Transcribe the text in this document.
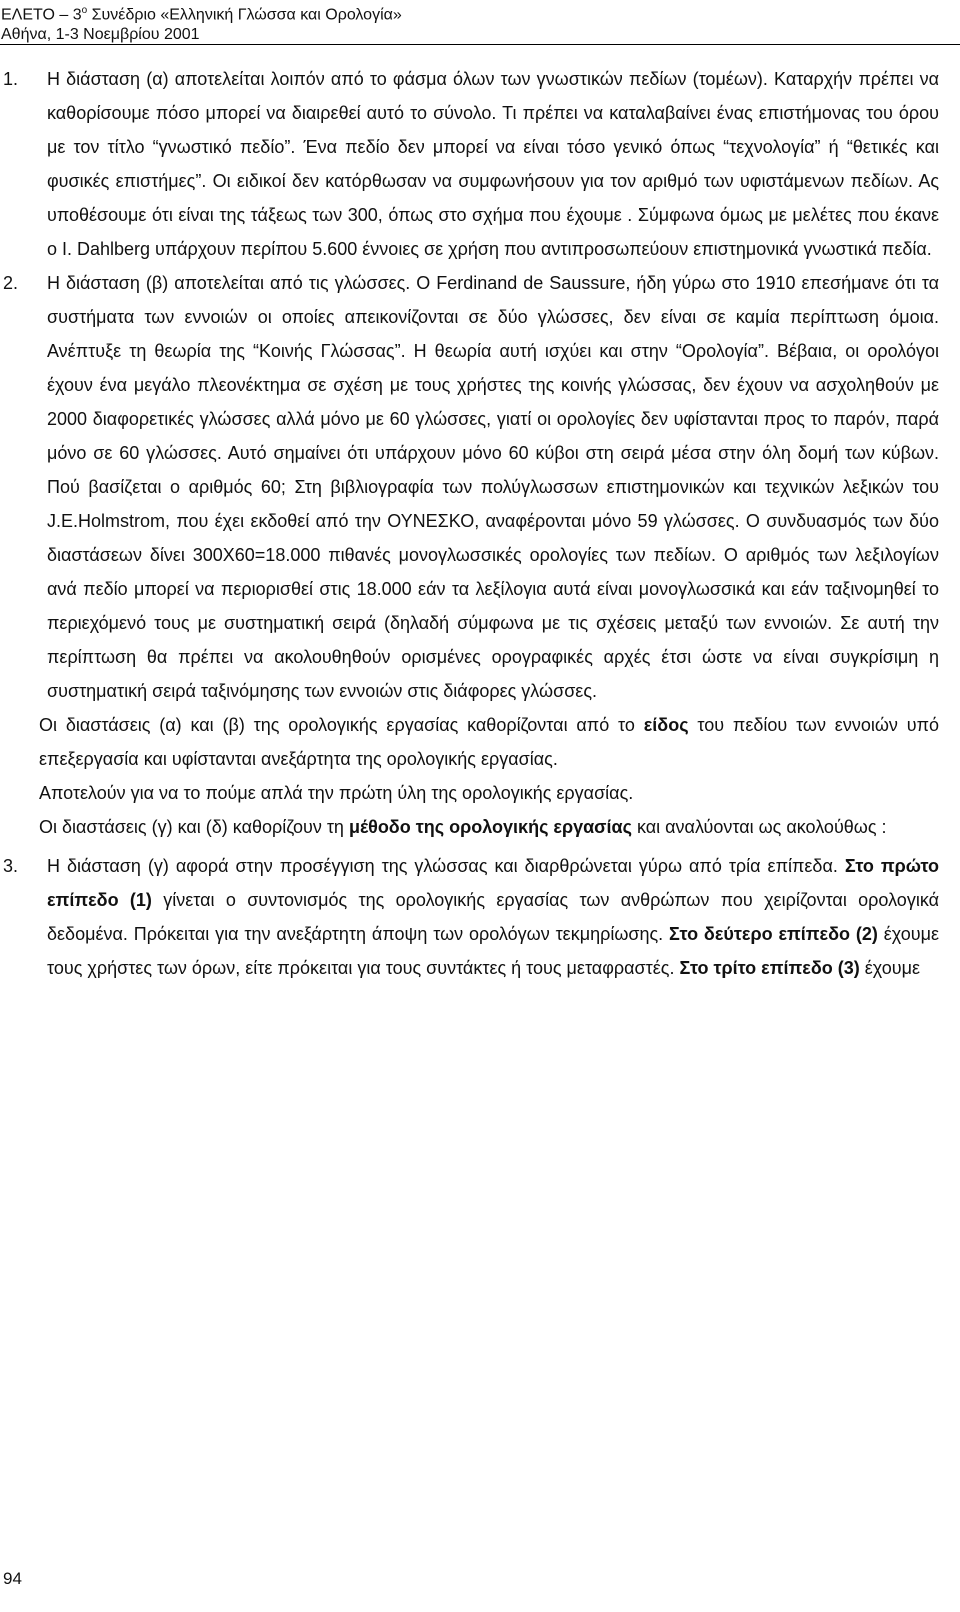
ΕΛΕΤΟ – $3^o$ Συνέδριο «Ελληνική Γλώσσα και Ορολογία»
Αθήνα, 1-3 Νοεμβρίου 2001
1. Η διάσταση (α) αποτελείται λοιπόν από το φάσμα όλων των γνωστικών πεδίων (τομέων). Καταρχήν πρέπει να καθορίσουμε πόσο μπορεί να διαιρεθεί αυτό το σύνολο. Τι πρέπει να καταλαβαίνει ένας επιστήμονας του όρου με τον τίτλο “γνωστικό πεδίο”. Ένα πεδίο δεν μπορεί να είναι τόσο γενικό όπως “τεχνολογία” ή “θετικές και φυσικές επιστήμες”. Οι ειδικοί δεν κατόρθωσαν να συμφωνήσουν για τον αριθμό των υφιστάμενων πεδίων. Ας υποθέσουμε ότι είναι της τάξεως των 300, όπως στο σχήμα που έχουμε . Σύμφωνα όμως με μελέτες που έκανε ο I. Dahlberg υπάρχουν περίπου 5.600 έννοιες σε χρήση που αντιπροσωπεύουν επιστημονικά γνωστικά πεδία.
2. Η διάσταση (β) αποτελείται από τις γλώσσες. Ο Ferdinand de Saussure, ήδη γύρω στο 1910 επεσήμανε ότι τα συστήματα των εννοιών οι οποίες απεικονίζονται σε δύο γλώσσες, δεν είναι σε καμία περίπτωση όμοια. Ανέπτυξε τη θεωρία της “Κοινής Γλώσσας”. Η θεωρία αυτή ισχύει και στην “Ορολογία”. Βέβαια, οι ορολόγοι έχουν ένα μεγάλο πλεονέκτημα σε σχέση με τους χρήστες της κοινής γλώσσας, δεν έχουν να ασχοληθούν με 2000 διαφορετικές γλώσσες αλλά μόνο με 60 γλώσσες, γιατί οι ορολογίες δεν υφίστανται προς το παρόν, παρά μόνο σε 60 γλώσσες. Αυτό σημαίνει ότι υπάρχουν μόνο 60 κύβοι στη σειρά μέσα στην όλη δομή των κύβων. Πού βασίζεται ο αριθμός 60; Στη βιβλιογραφία των πολύγλωσσων επιστημονικών και τεχνικών λεξικών του J.E.Holmstrom, που έχει εκδοθεί από την ΟΥΝΕΣΚΟ, αναφέρονται μόνο 59 γλώσσες. Ο συνδυασμός των δύο διαστάσεων δίνει 300Χ60=18.000 πιθανές μονογλωσσικές ορολογίες των πεδίων. Ο αριθμός των λεξιλογίων ανά πεδίο μπορεί να περιορισθεί στις 18.000 εάν τα λεξίλογια αυτά είναι μονογλωσσικά και εάν ταξινομηθεί το περιεχόμενό τους με συστηματική σειρά (δηλαδή σύμφωνα με τις σχέσεις μεταξύ των εννοιών. Σε αυτή την περίπτωση θα πρέπει να ακολουθηθούν ορισμένες ορογραφικές αρχές έτσι ώστε να είναι συγκρίσιμη η συστηματική σειρά ταξινόμησης των εννοιών στις διάφορες γλώσσες.
Οι διαστάσεις (α) και (β) της ορολογικής εργασίας καθορίζονται από το είδος του πεδίου των εννοιών υπό επεξεργασία και υφίστανται ανεξάρτητα της ορολογικής εργασίας.
Αποτελούν για να το πούμε απλά την πρώτη ύλη της ορολογικής εργασίας.
Οι διαστάσεις (γ) και (δ) καθορίζουν τη μέθοδο της ορολογικής εργασίας και αναλύονται ως ακολούθως :
3. Η διάσταση (γ) αφορά στην προσέγγιση της γλώσσας και διαρθρώνεται γύρω από τρία επίπεδα. Στο πρώτο επίπεδο (1) γίνεται ο συντονισμός της ορολογικής εργασίας των ανθρώπων που χειρίζονται ορολογικά δεδομένα. Πρόκειται για την ανεξάρτητη άποψη των ορολόγων τεκμηρίωσης. Στο δεύτερο επίπεδο (2) έχουμε τους χρήστες των όρων, είτε πρόκειται για τους συντάκτες ή τους μεταφραστές. Στο τρίτο επίπεδο (3) έχουμε
94
